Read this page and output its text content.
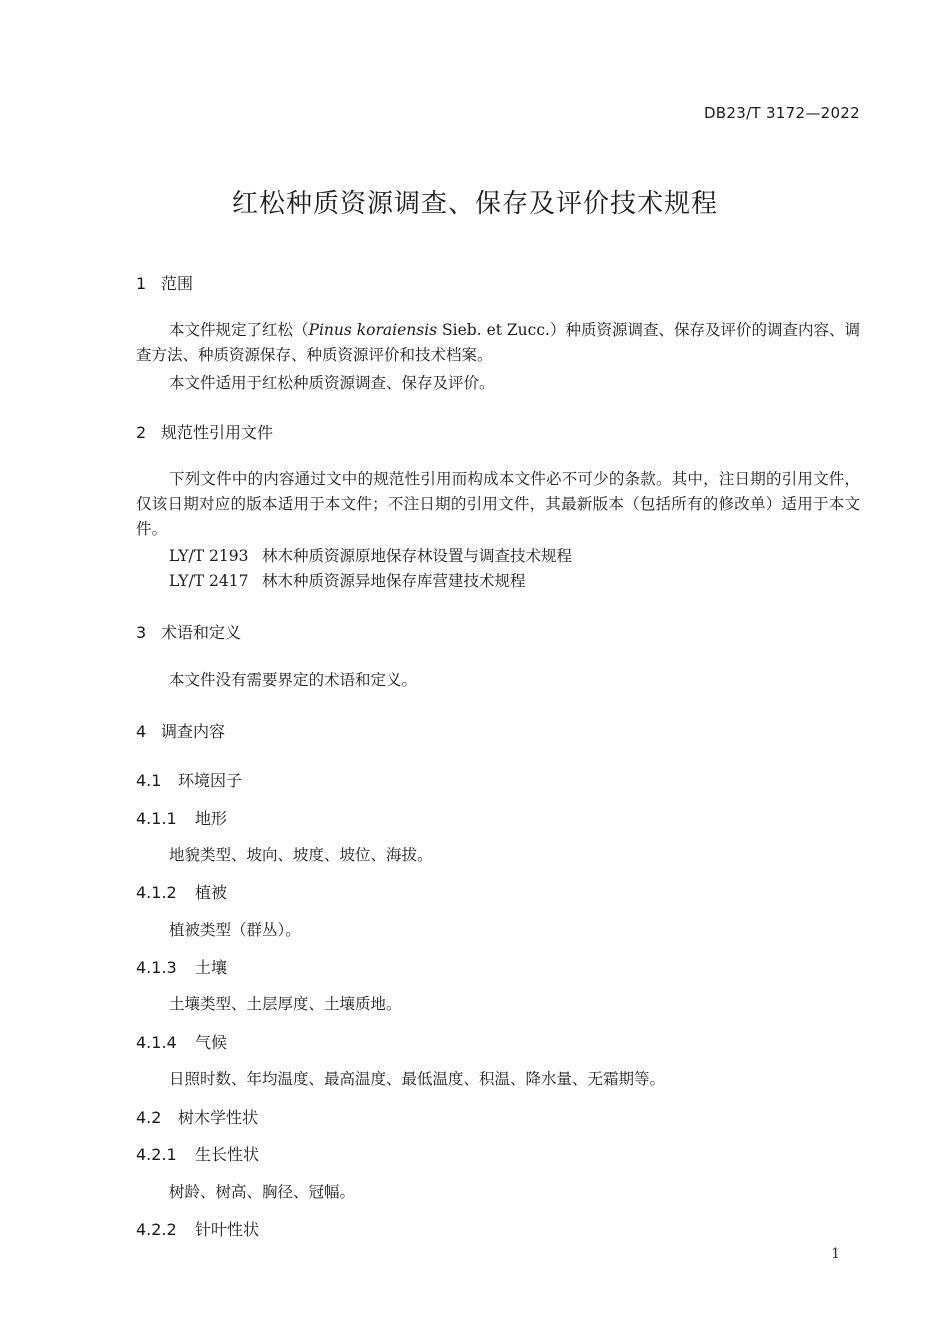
DB23/T 3172—2022
红松种质资源调查、保存及评价技术规程
1 范围
本文件规定了红松（Pinus koraiensis Sieb. et Zucc.）种质资源调查、保存及评价的调查内容、调查方法、种质资源保存、种质资源评价和技术档案。
本文件适用于红松种质资源调查、保存及评价。
2 规范性引用文件
下列文件中的内容通过文中的规范性引用而构成本文件必不可少的条款。其中，注日期的引用文件，仅该日期对应的版本适用于本文件；不注日期的引用文件，其最新版本（包括所有的修改单）适用于本文件。
LY/T 2193 林木种质资源原地保存林设置与调查技术规程
LY/T 2417 林木种质资源异地保存库营建技术规程
3 术语和定义
本文件没有需要界定的术语和定义。
4 调查内容
4.1 环境因子
4.1.1 地形
地貌类型、坡向、坡度、坡位、海拔。
4.1.2 植被
植被类型（群丛）。
4.1.3 土壤
土壤类型、土层厚度、土壤质地。
4.1.4 气候
日照时数、年均温度、最高温度、最低温度、积温、降水量、无霜期等。
4.2 树木学性状
4.2.1 生长性状
树龄、树高、胸径、冠幅。
4.2.2 针叶性状
1
